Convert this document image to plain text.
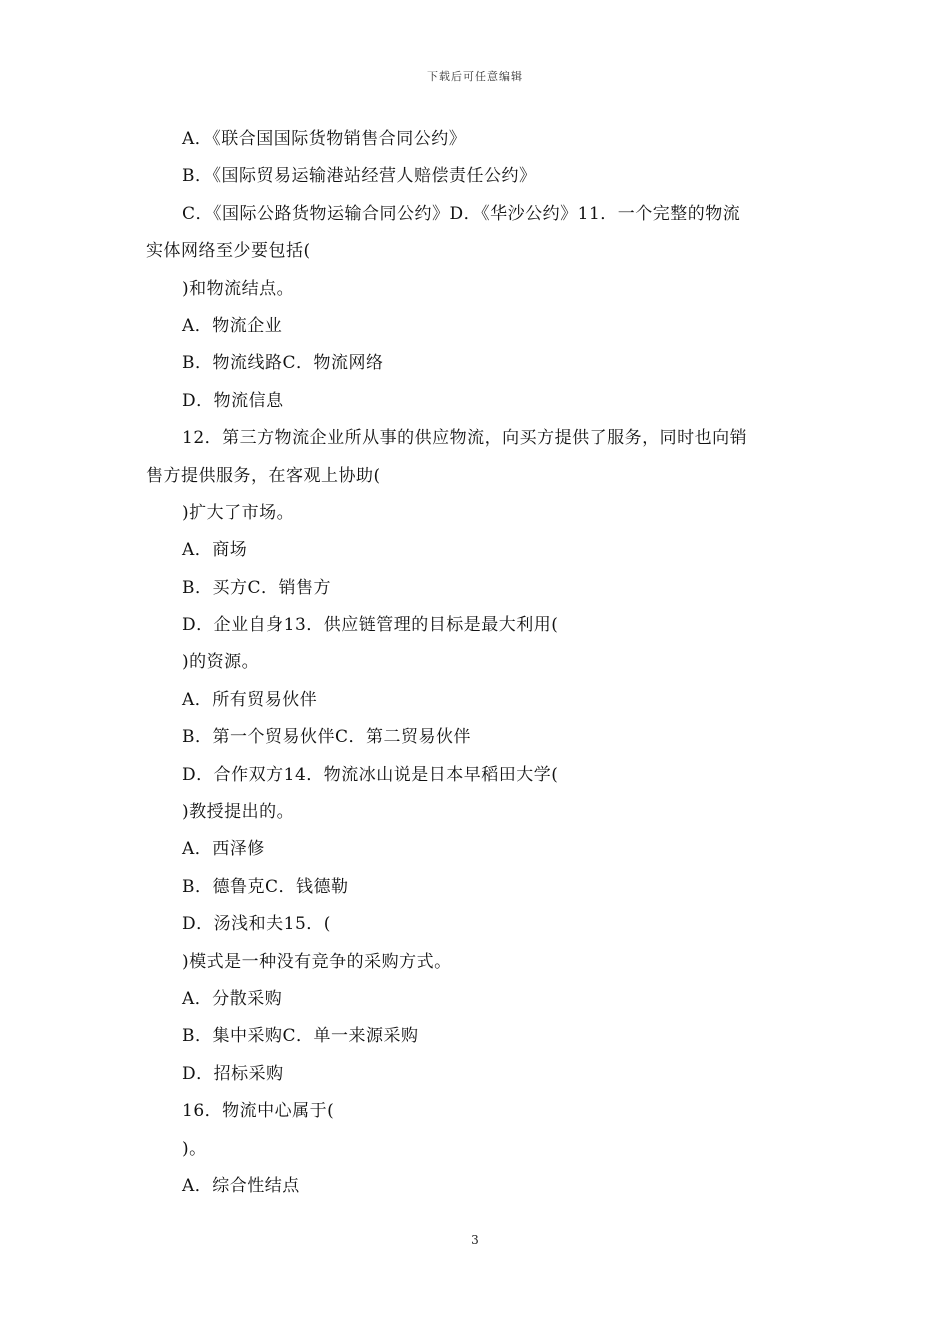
下载后可任意编辑
A．《联合国国际货物销售合同公约》
B．《国际贸易运输港站经营人赔偿责任公约》
C．《国际公路货物运输合同公约》D．《华沙公约》11．一个完整的物流
实体网络至少要包括(
)和物流结点。
A．物流企业
B．物流线路C．物流网络
D．物流信息
12．第三方物流企业所从事的供应物流，向买方提供了服务，同时也向销
售方提供服务，在客观上协助(
)扩大了市场。
A．商场
B．买方C．销售方
D．企业自身13．供应链管理的目标是最大利用(
)的资源。
A．所有贸易伙伴
B．第一个贸易伙伴C．第二贸易伙伴
D．合作双方14．物流冰山说是日本早稻田大学(
)教授提出的。
A．西泽修
B．德鲁克C．钱德勒
D．汤浅和夫15．(
)模式是一种没有竞争的采购方式。
A．分散采购
B．集中采购C．单一来源采购
D．招标采购
16．物流中心属于(
)。
A．综合性结点
3
